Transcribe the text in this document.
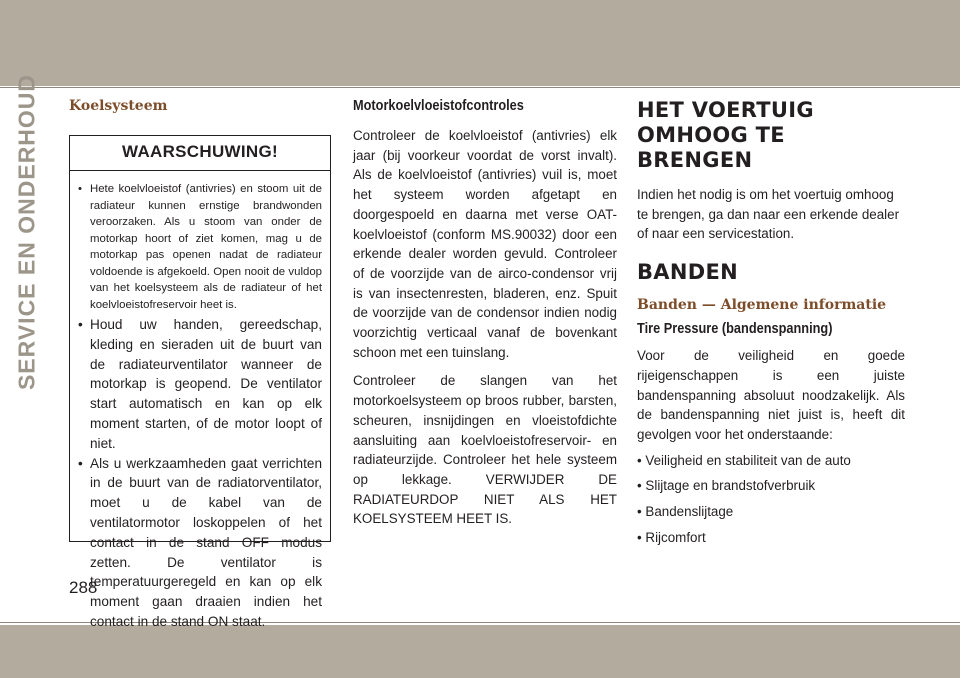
SERVICE EN ONDERHOUD Koelsysteem
WAARSCHUWING!
• Hete koelvloeistof (antivries) en stoom uit de radiateur kunnen ernstige brandwonden veroorzaken. Als u stoom van onder de motorkap hoort of ziet komen, mag u de motorkap pas openen nadat de radiateur voldoende is afgekoeld. Open nooit de vuldop van het koelsysteem als de radiateur of het koelvloeistofreservoir heet is.
• Houd uw handen, gereedschap, kleding en sieraden uit de buurt van de radiateurventilator wanneer de motorkap is geopend. De ventilator start automatisch en kan op elk moment starten, of de motor loopt of niet.
• Als u werkzaamheden gaat verrichten in de buurt van de radiatorventilator, moet u de kabel van de ventilatormotor loskoppelen of het contact in de stand OFF modus zetten. De ventilator is temperatuurgeregeld en kan op elk moment gaan draaien indien het contact in de stand ON staat.
Motorkoelvloeistofcontroles

Controleer de koelvloeistof (antivries) elk jaar (bij voorkeur voordat de vorst invalt). Als de koelvloeistof (antivries) vuil is, moet het systeem worden afgetapt en doorgespoeld en daarna met verse OAT-koelvloeistof (conform MS.90032) door een erkende dealer worden gevuld. Controleer of de voorzijde van de airco-condensor vrij is van insectenresten, bladeren, enz. Spuit de voorzijde van de condensor indien nodig voorzichtig verticaal vanaf de bovenkant schoon met een tuinslang.

Controleer de slangen van het motorkoelsysteem op broos rubber, barsten, scheuren, insnijdingen en vloeistofdichte aansluiting aan koelvloeistofreservoir- en radiateurzijde. Controleer het hele systeem op lekkage. VERWIJDER DE RADIATEURDOP NIET ALS HET KOELSYSTEEM HEET IS.

HET VOERTUIG OMHOOG TE BRENGEN

Indien het nodig is om het voertuig omhoog te brengen, ga dan naar een erkende dealer of naar een servicestation.

BANDEN
Banden — Algemene informatie
Tire Pressure (bandenspanning)

Voor de veiligheid en goede rijeigenschappen is een juiste bandenspanning absoluut noodzakelijk. Als de bandenspanning niet juist is, heeft dit gevolgen voor het onderstaande:

• Veiligheid en stabiliteit van de auto

• Slijtage en brandstofverbruik

• Bandenslijtage

• Rijcomfort

288
